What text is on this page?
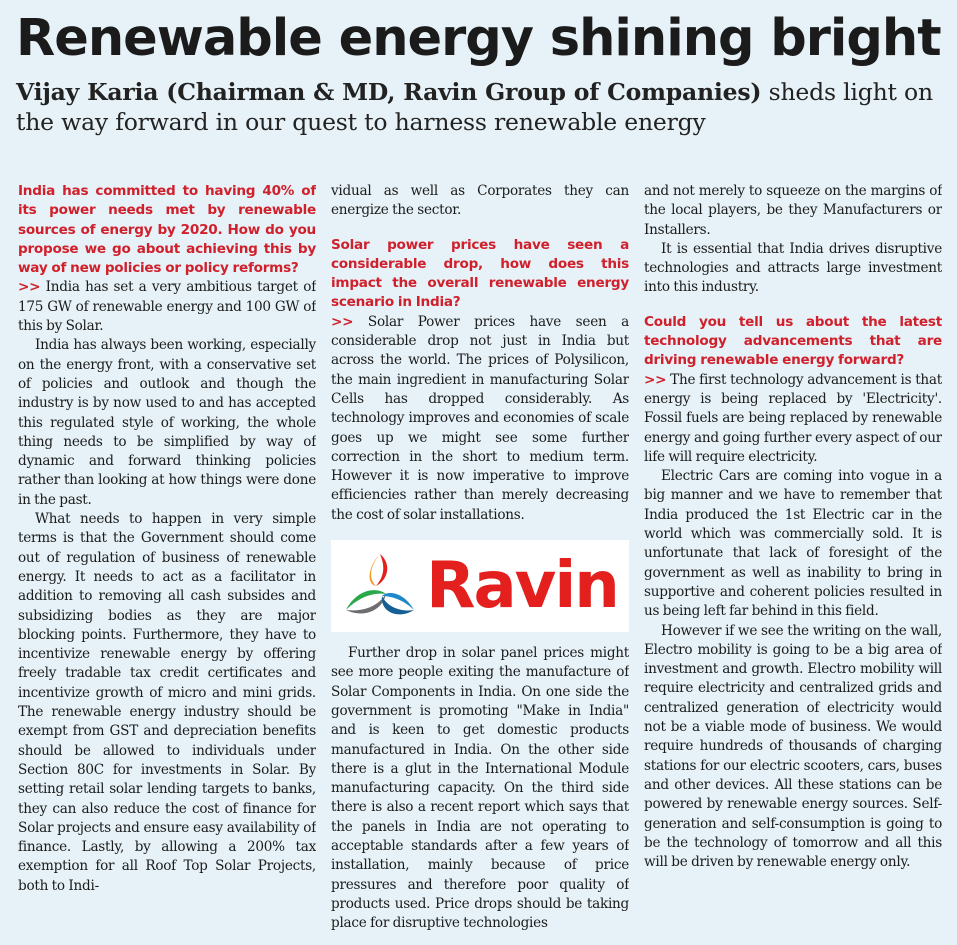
Renewable energy shining bright
Vijay Karia (Chairman & MD, Ravin Group of Companies) sheds light on the way forward in our quest to harness renewable energy

India has committed to having 40% of its power needs met by renewable sources of energy by 2020. How do you propose we go about achieving this by way of new policies or policy reforms?

>> India has set a very ambitious target of 175 GW of renewable energy and 100 GW of this by Solar.

India has always been working, especially on the energy front, with a conservative set of policies and outlook and though the industry is by now used to and has accepted this regulated style of working, the whole thing needs to be simplified by way of dynamic and forward thinking policies rather than looking at how things were done in the past.

What needs to happen in very simple terms is that the Government should come out of regulation of business of renewable energy. It needs to act as a facilitator in addition to removing all cash subsides and subsidizing bodies as they are major blocking points. Furthermore, they have to incentivize renewable energy by offering freely tradable tax credit certificates and incentivize growth of micro and mini grids. The renewable energy industry should be exempt from GST and depreciation benefits should be allowed to individuals under Section 80C for investments in Solar. By setting retail solar lending targets to banks, they can also reduce the cost of finance for Solar projects and ensure easy availability of finance. Lastly, by allowing a 200% tax exemption for all Roof Top Solar Projects, both to Indi-

vidual as well as Corporates they can energize the sector.

Solar power prices have seen a considerable drop, how does this impact the overall renewable energy scenario in India?

>> Solar Power prices have seen a considerable drop not just in India but across the world. The prices of Polysilicon, the main ingredient in manufacturing Solar Cells has dropped considerably. As technology improves and economies of scale goes up we might see some further correction in the short to medium term. However it is now imperative to improve efficiencies rather than merely decreasing the cost of solar installations.

Ravin

Further drop in solar panel prices might see more people exiting the manufacture of Solar Components in India. On one side the government is promoting "Make in India" and is keen to get domestic products manufactured in India. On the other side there is a glut in the International Module manufacturing capacity. On the third side there is also a recent report which says that the panels in India are not operating to acceptable standards after a few years of installation, mainly because of price pressures and therefore poor quality of products used. Price drops should be taking place for disruptive technologies

and not merely to squeeze on the margins of the local players, be they Manufacturers or Installers.

It is essential that India drives disruptive technologies and attracts large investment into this industry.

Could you tell us about the latest technology advancements that are driving renewable energy forward?

>> The first technology advancement is that energy is being replaced by 'Electricity'. Fossil fuels are being replaced by renewable energy and going further every aspect of our life will require electricity.

Electric Cars are coming into vogue in a big manner and we have to remember that India produced the 1st Electric car in the world which was commercially sold. It is unfortunate that lack of foresight of the government as well as inability to bring in supportive and coherent policies resulted in us being left far behind in this field.

However if we see the writing on the wall, Electro mobility is going to be a big area of investment and growth. Electro mobility will require electricity and centralized grids and centralized generation of electricity would not be a viable mode of business. We would require hundreds of thousands of charging stations for our electric scooters, cars, buses and other devices. All these stations can be powered by renewable energy sources. Self-generation and self-consumption is going to be the technology of tomorrow and all this will be driven by renewable energy only.
